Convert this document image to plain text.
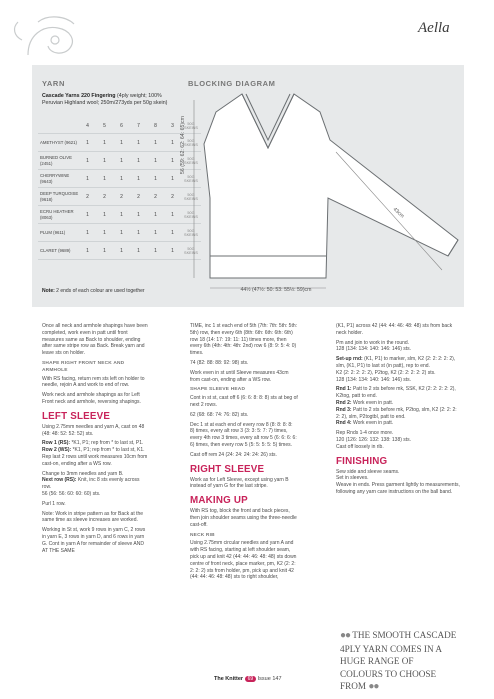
Aella
YARN
Cascade Yarns 220 Fingering (4ply weight; 100% Peruvian Highland wool; 250m/273yds per 50g skein)
	4	5	6	7	8	3	50G SKEINS
AMETHYST (9621)	1	1	1	1	1	1	50G SKEINS
BURNED OLIVE (2451)	1	1	1	1	1	1	50G SKEINS
CHERRYWINE (9643)	1	1	1	1	1	1	50G SKEINS
DEEP TURQUOISE (9618)	2	2	2	2	2	2	50G SKEINS
ECRU HEATHER (8063)	1	1	1	1	1	1	50G SKEINS
PLUM (9611)	1	1	1	1	1	1	50G SKEINS
CLARET (9689)	1	1	1	1	1	1	50G SKEINS
Note: 2 ends of each colour are used together
BLOCKING DIAGRAM
56 (59: 62: 62: 64: 65)cm
44½ (47½: 50: 53: 55½: 59)cm
43cm

Once all neck and armhole shapings have been completed, work even in patt until front measures same as Back to shoulder, ending after same stripe row as Back. Break yarn and leave sts on holder.

SHAPE RIGHT FRONT NECK AND ARMHOLE

With RS facing, return rem sts left on holder to needle, rejoin A and work to end of row.

Work neck and armhole shapings as for Left Front neck and armhole, reversing shapings.

LEFT SLEEVE

Using 2.75mm needles and yarn A, cast on 48 (48: 48: 52: 52: 52) sts.

Row 1 (RS): *K1, P1; rep from * to last st, P1.

Row 2 (WS): *K1, P1; rep from * to last st, K1.

Rep last 2 rows until work measures 10cm from cast-on, ending after a WS row.

Change to 3mm needles and yarn B.

Next row (RS): Knit, inc 8 sts evenly across row.

56 (56: 56: 60: 60: 60) sts.

Purl 1 row.

Note: Work in stripe pattern as for Back at the same time as sleeve increases are worked.

Working in St st, work 9 rows in yarn C, 2 rows in yarn E, 3 rows in yarn D, and 6 rows in yarn G. Cont in yarn A for remainder of sleeve AND AT THE SAME

TIME, inc 1 st each end of 5th (7th: 7th: 5th: 5th: 5th) row, then every 6th (8th: 6th: 6th: 6th: 6th) row 18 (14: 17: 19: 11: 11) times more, then every 6th (4th: 4th: 4th: 2nd) row 6 (8: 9: 5: 4: 0) times.

74 (82: 88: 88: 92: 98) sts.

Work even in st until Sleeve measures 43cm from cast-on, ending after a WS row.

SHAPE SLEEVE HEAD

Cont in st st, cast off 6 (6: 6: 8: 8: 8) sts at beg of next 2 rows.

62 (68: 68: 74: 76: 82) sts.

Dec 1 st at each end of every row 8 (8: 8: 8: 8: 8) times, every alt row 3 (3: 3: 5: 7: 7) times, every 4th row 3 times, every alt row 5 (6: 6: 6: 6: 6) times, then every row 5 (5: 5: 5: 5: 5) times.

Cast off rem 24 (24: 24: 24: 24: 26) sts.

RIGHT SLEEVE

Work as for Left Sleeve, except using yarn B instead of yarn G for the last stripe.

MAKING UP

With RS tog, block the front and back pieces, then join shoulder seams using the three-needle cast-off.

NECK RIB

Using 2.75mm circular needles and yarn A and with RS facing, starting at left shoulder seam, pick up and knit 42 (44: 44: 46: 48: 48) sts down centre of front neck, place marker, pm, K2 (2: 2: 2: 2: 2) sts from holder, pm, pick up and knit 42 (44: 44: 46: 48: 48) sts to right shoulder,

(K1, P1) across 42 (44: 44: 46: 48: 48) sts from back neck holder.

Pm and join to work in the round.

128 (134: 134: 140: 146: 146) sts.

Set-up rnd: (K1, P1) to marker, slm, K2 (2: 2: 2: 2: 2), slm, (K1, P1) to last st (in patt), rep to end.

K2 (2: 2: 2: 2: 2), P2tog, K2 (2: 2: 2: 2: 2) sts.

128 (134: 134: 140: 146: 146) sts.

Rnd 1: Patt to 2 sts before mk, SSK, K2 (2: 2: 2: 2: 2), K2tog, patt to end.

Rnd 2: Work even in patt.

Rnd 3: Patt to 2 sts before mk, P2tog, slm, K2 (2: 2: 2: 2: 2), slm, P2togtbl, patt to end.

Rnd 4: Work even in patt.

Rep Rnds 1-4 once more.

120 (126: 126: 132: 138: 138) sts.

Cast off loosely in rib.

FINISHING

Sew side and sleeve seams.

Set in sleeves.

Weave in ends. Press garment lightly to measurements, following any yarn care instructions on the ball band.

●● THE SMOOTH CASCADE 4PLY YARN COMES IN A HUGE RANGE OF COLOURS TO CHOOSE FROM ●●
The Knitter 69 Issue 147
